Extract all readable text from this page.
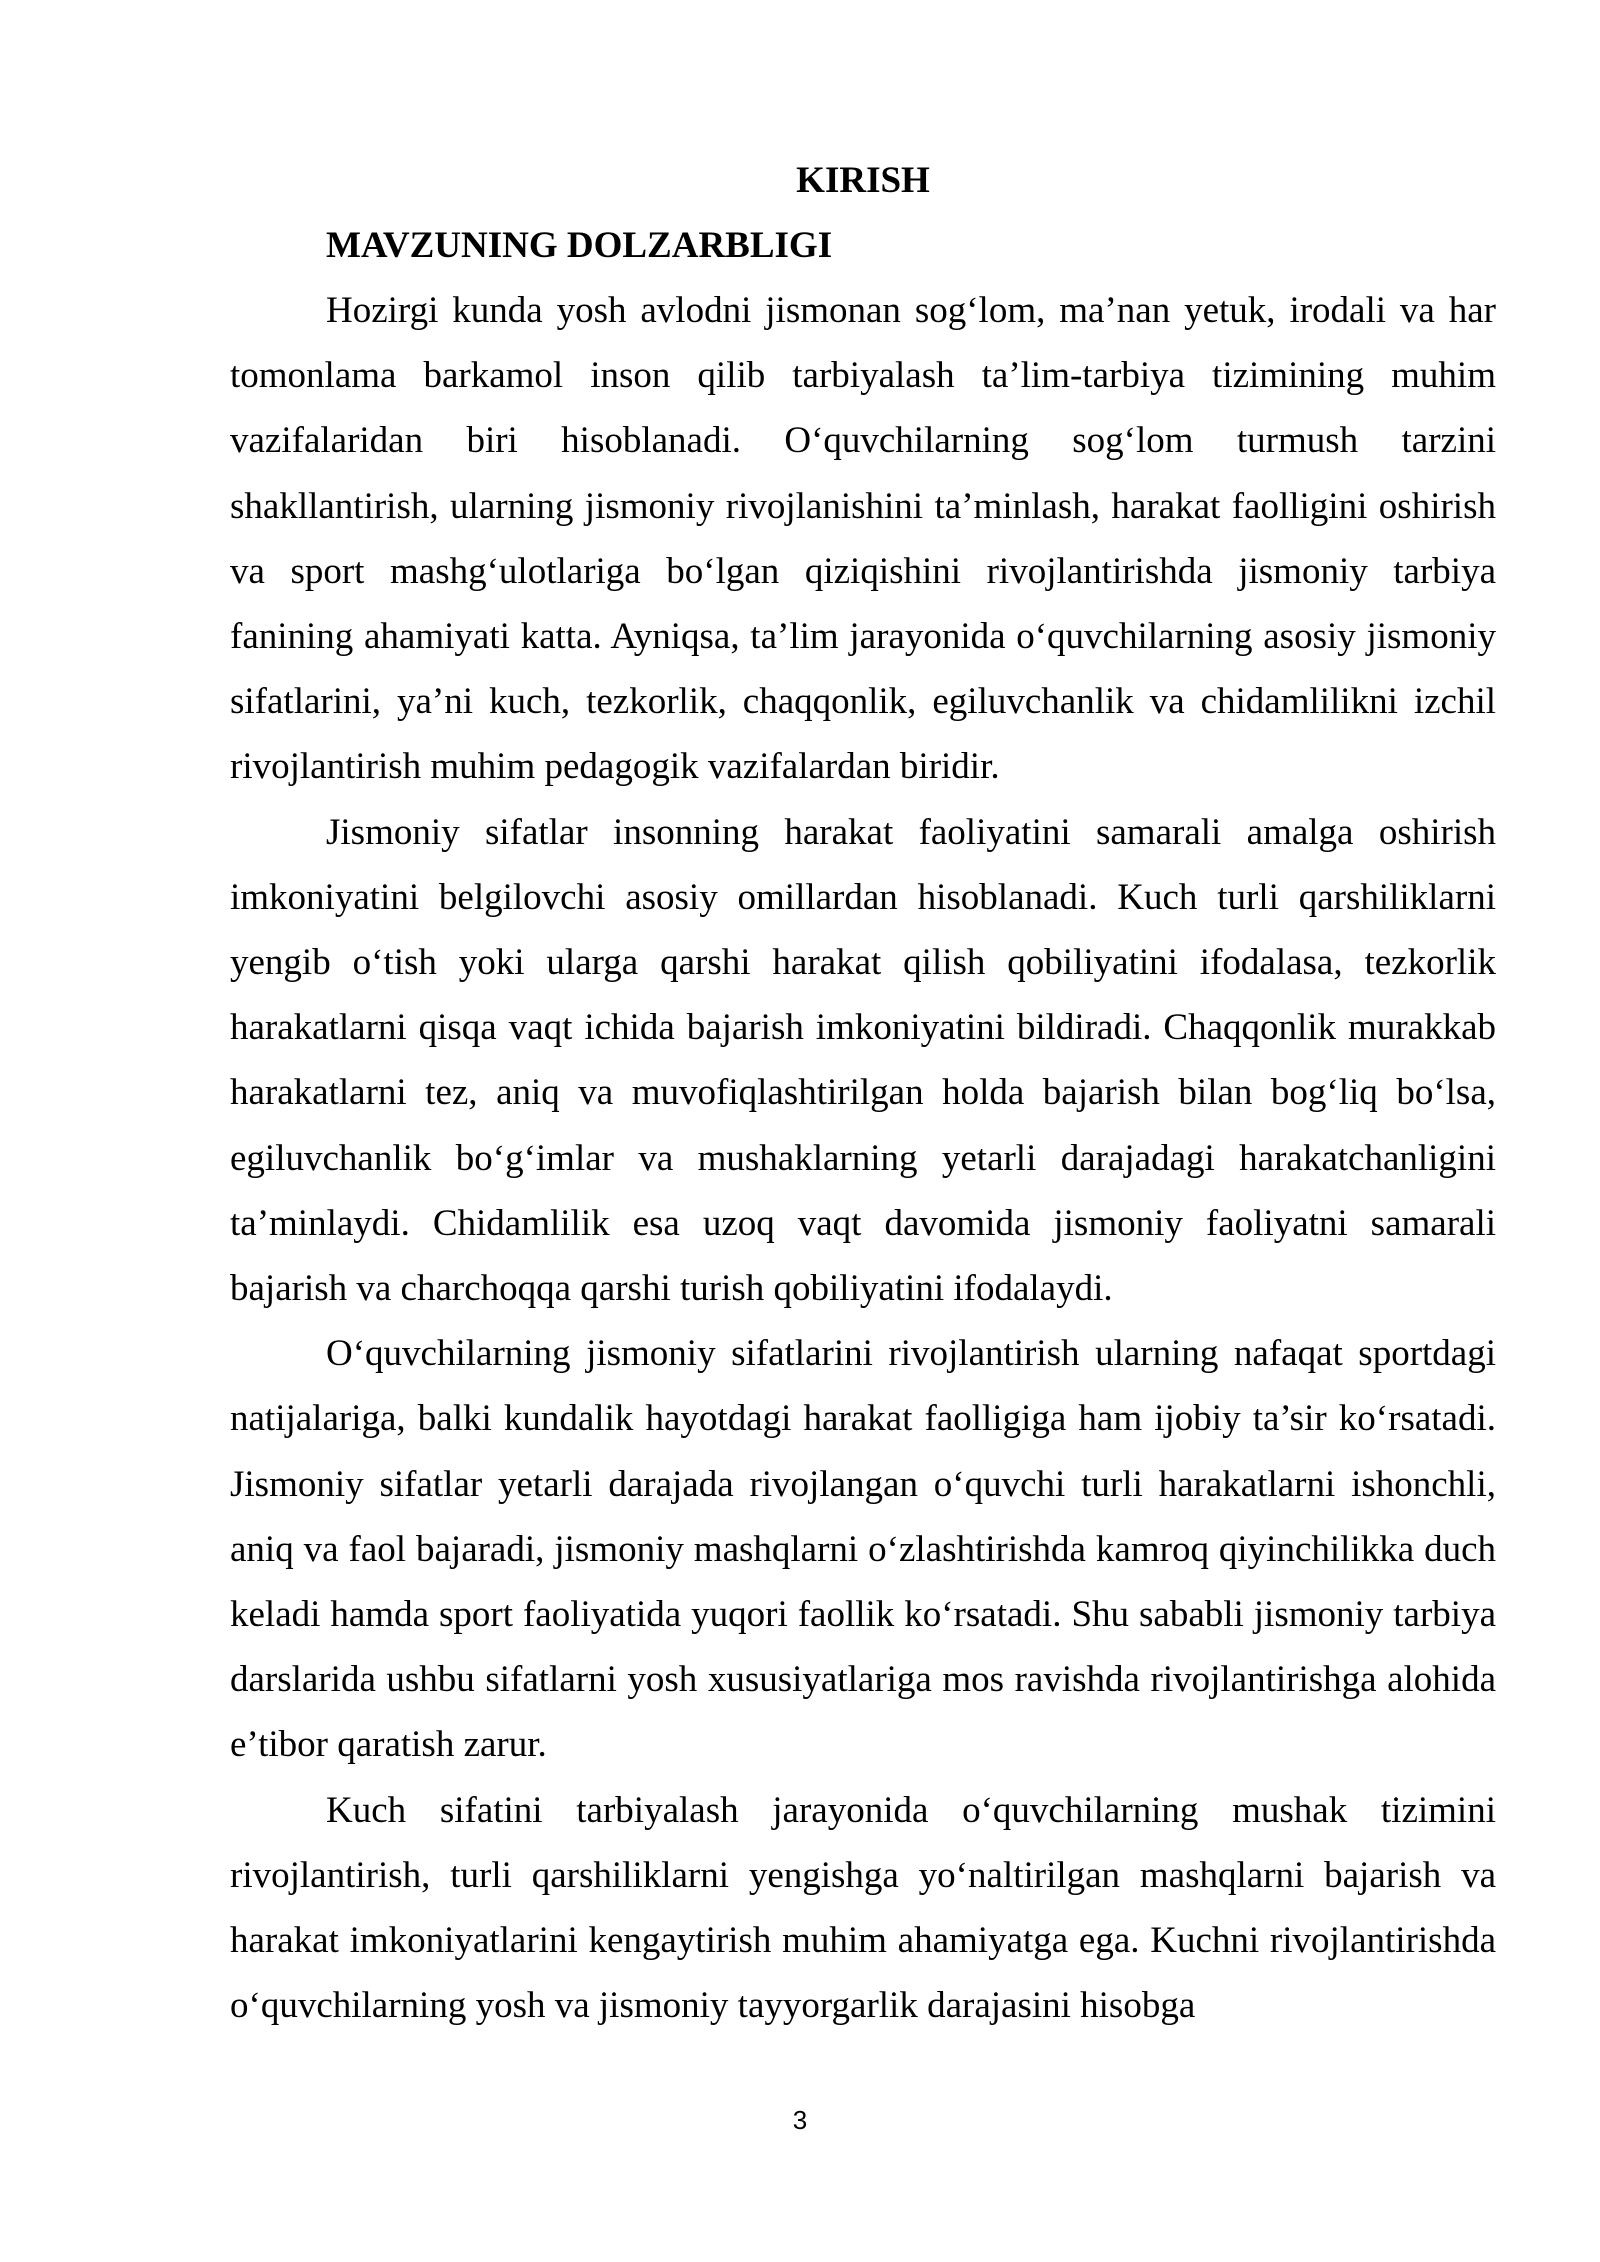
KIRISH
MAVZUNING DOLZARBLIGI

Hozirgi kunda yosh avlodni jismonan sog‘lom, ma’nan yetuk, irodali va har tomonlama barkamol inson qilib tarbiyalash ta’lim-tarbiya tizimining muhim vazifalaridan biri hisoblanadi. O‘quvchilarning sog‘lom turmush tarzini shakllantirish, ularning jismoniy rivojlanishini ta’minlash, harakat faolligini oshirish va sport mashg‘ulotlariga bo‘lgan qiziqishini rivojlantirishda jismoniy tarbiya fanining ahamiyati katta. Ayniqsa, ta’lim jarayonida o‘quvchilarning asosiy jismoniy sifatlarini, ya’ni kuch, tezkorlik, chaqqonlik, egiluvchanlik va chidamlilikni izchil rivojlantirish muhim pedagogik vazifalardan biridir.

Jismoniy sifatlar insonning harakat faoliyatini samarali amalga oshirish imkoniyatini belgilovchi asosiy omillardan hisoblanadi. Kuch turli qarshiliklarni yengib o‘tish yoki ularga qarshi harakat qilish qobiliyatini ifodalasa, tezkorlik harakatlarni qisqa vaqt ichida bajarish imkoniyatini bildiradi. Chaqqonlik murakkab harakatlarni tez, aniq va muvofiqlashtirilgan holda bajarish bilan bog‘liq bo‘lsa, egiluvchanlik bo‘g‘imlar va mushaklarning yetarli darajadagi harakatchanligini ta’minlaydi. Chidamlilik esa uzoq vaqt davomida jismoniy faoliyatni samarali bajarish va charchoqqa qarshi turish qobiliyatini ifodalaydi.

O‘quvchilarning jismoniy sifatlarini rivojlantirish ularning nafaqat sportdagi natijalariga, balki kundalik hayotdagi harakat faolligiga ham ijobiy ta’sir ko‘rsatadi. Jismoniy sifatlar yetarli darajada rivojlangan o‘quvchi turli harakatlarni ishonchli, aniq va faol bajaradi, jismoniy mashqlarni o‘zlashtirishda kamroq qiyinchilikka duch keladi hamda sport faoliyatida yuqori faollik ko‘rsatadi. Shu sababli jismoniy tarbiya darslarida ushbu sifatlarni yosh xususiyatlariga mos ravishda rivojlantirishga alohida e’tibor qaratish zarur.

Kuch sifatini tarbiyalash jarayonida o‘quvchilarning mushak tizimini rivojlantirish, turli qarshiliklarni yengishga yo‘naltirilgan mashqlarni bajarish va harakat imkoniyatlarini kengaytirish muhim ahamiyatga ega. Kuchni rivojlantirishda o‘quvchilarning yosh va jismoniy tayyorgarlik darajasini hisobga

3
